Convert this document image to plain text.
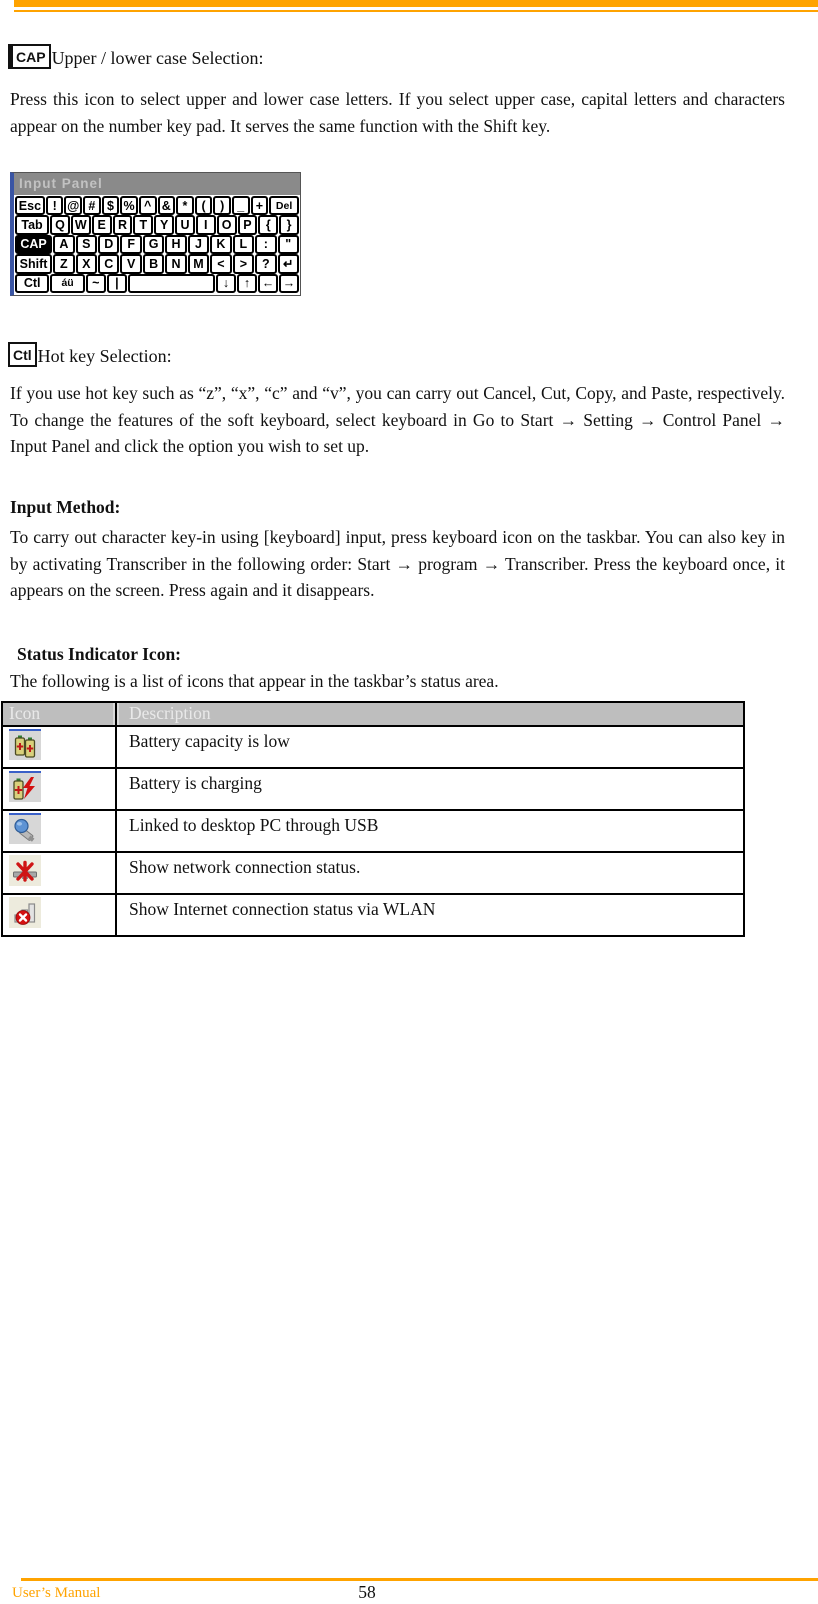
CAP Upper / lower case Selection:
Press this icon to select upper and lower case letters. If you select upper case, capital letters and characters appear on the number key pad. It serves the same function with the Shift key.
Input Panel
Esc ! @ # $ % ^ & *	(	)	_ +	Del
Tab Q W E R	T	Y U	I	O P	{	}
CAP	A	S	D	F	G	H	J	K	L	:	"
Shift	Z	X	C	V	B	N	M	<	>	?	↵
Ctl	áü	~	|	↓	↑ ← →
Ctl Hot key Selection:
If you use hot key such as “z”, “x”, “c” and “v”, you can carry out Cancel, Cut, Copy, and Paste, respectively. To change the features of the soft keyboard, select keyboard in Go to Start → Setting → Control Panel → Input Panel and click the option you wish to set up.
Input Method:
To carry out character key-in using [keyboard] input, press keyboard icon on the taskbar. You can also key in by activating Transcriber in the following order: Start → program → Transcriber. Press the keyboard once, it appears on the screen. Press again and it disappears.
Status Indicator Icon:
The following is a list of icons that appear in the taskbar’s status area.
Icon	Description

	Battery capacity is low

	Battery is charging

	Linked to desktop PC through USB

	Show network connection status.

	Show Internet connection status via WLAN
User’s Manual	58
